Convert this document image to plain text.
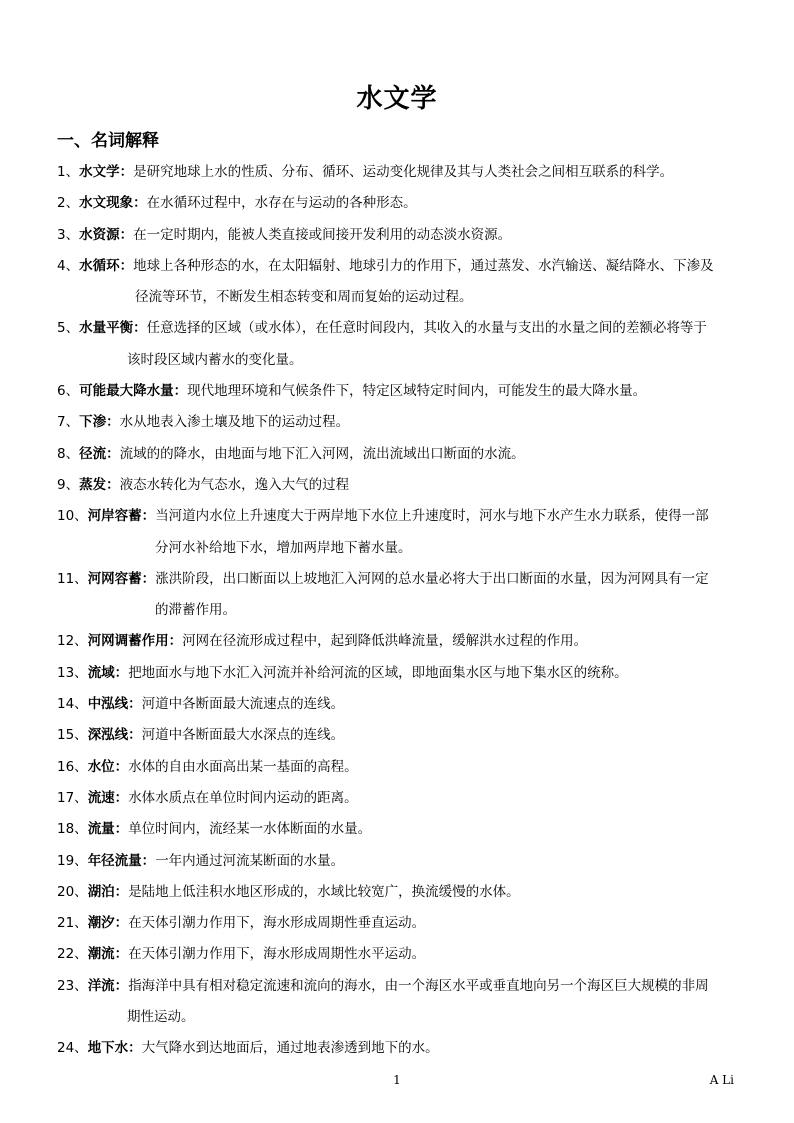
水文学
一、名词解释
1、水文学：是研究地球上水的性质、分布、循环、运动变化规律及其与人类社会之间相互联系的科学。
2、水文现象：在水循环过程中，水存在与运动的各种形态。
3、水资源：在一定时期内，能被人类直接或间接开发利用的动态淡水资源。
4、水循环：地球上各种形态的水，在太阳辐射、地球引力的作用下，通过蒸发、水汽输送、凝结降水、下渗及
径流等环节，不断发生相态转变和周而复始的运动过程。
5、水量平衡：任意选择的区域（或水体），在任意时间段内，其收入的水量与支出的水量之间的差额必将等于
该时段区域内蓄水的变化量。
6、可能最大降水量：现代地理环境和气候条件下，特定区域特定时间内，可能发生的最大降水量。
7、下渗：水从地表入渗土壤及地下的运动过程。
8、径流：流域的的降水，由地面与地下汇入河网，流出流域出口断面的水流。
9、蒸发：液态水转化为气态水，逸入大气的过程
10、河岸容蓄：当河道内水位上升速度大于两岸地下水位上升速度时，河水与地下水产生水力联系，使得一部
分河水补给地下水，增加两岸地下蓄水量。
11、河网容蓄：涨洪阶段，出口断面以上坡地汇入河网的总水量必将大于出口断面的水量，因为河网具有一定
的滞蓄作用。
12、河网调蓄作用：河网在径流形成过程中，起到降低洪峰流量，缓解洪水过程的作用。
13、流域：把地面水与地下水汇入河流并补给河流的区域，即地面集水区与地下集水区的统称。
14、中泓线：河道中各断面最大流速点的连线。
15、深泓线：河道中各断面最大水深点的连线。
16、水位：水体的自由水面高出某一基面的高程。
17、流速：水体水质点在单位时间内运动的距离。
18、流量：单位时间内，流经某一水体断面的水量。
19、年径流量：一年内通过河流某断面的水量。
20、湖泊：是陆地上低洼积水地区形成的，水域比较宽广，换流缓慢的水体。
21、潮汐：在天体引潮力作用下，海水形成周期性垂直运动。
22、潮流：在天体引潮力作用下，海水形成周期性水平运动。
23、洋流：指海洋中具有相对稳定流速和流向的海水，由一个海区水平或垂直地向另一个海区巨大规模的非周
期性运动。
24、地下水：大气降水到达地面后，通过地表渗透到地下的水。
1	A Li
